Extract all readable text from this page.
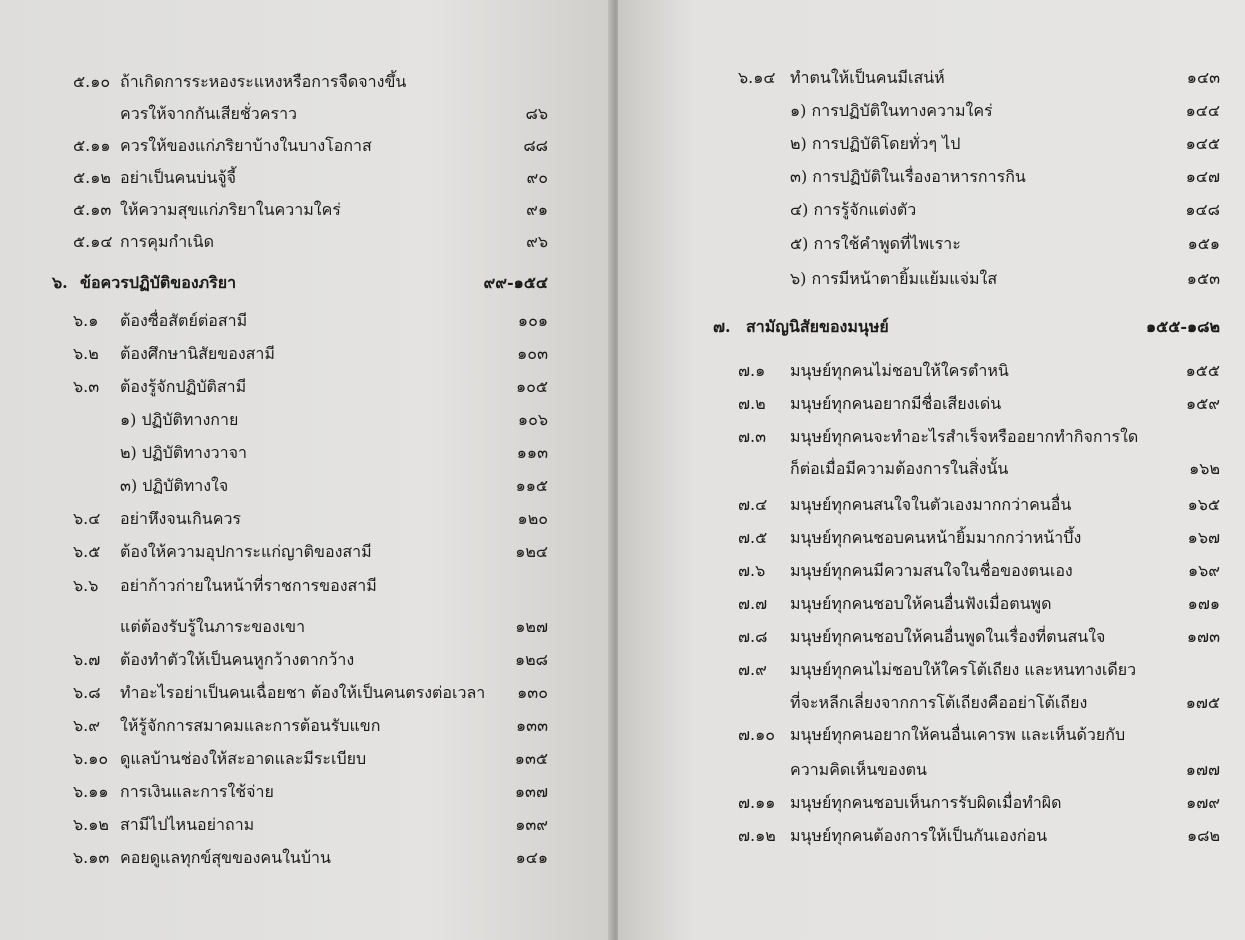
๕.๑๐ ถ้าเกิดการระหองระแหงหรือการจืดจางขึ้น
ควรให้จากกันเสียชั่วคราว	๘๖
๕.๑๑ ควรให้ของแก่ภริยาบ้างในบางโอกาส	๘๘
๕.๑๒ อย่าเป็นคนบ่นจู้จี้	๙๐
๕.๑๓ ให้ความสุขแก่ภริยาในความใคร่	๙๑
๕.๑๔ การคุมกำเนิด	๙๖
๖. ข้อควรปฏิบัติของภริยา	๙๙-๑๕๔
๖.๑ ต้องซื่อสัตย์ต่อสามี	๑๐๑
๖.๒ ต้องศึกษานิสัยของสามี	๑๐๓
๖.๓ ต้องรู้จักปฏิบัติสามี	๑๐๕
๑) ปฏิบัติทางกาย	๑๐๖
๒) ปฏิบัติทางวาจา	๑๑๓
๓) ปฏิบัติทางใจ	๑๑๕
๖.๔ อย่าหึงจนเกินควร	๑๒๐
๖.๕ ต้องให้ความอุปการะแก่ญาติของสามี	๑๒๔
๖.๖ อย่าก้าวก่ายในหน้าที่ราชการของสามี
แต่ต้องรับรู้ในภาระของเขา	๑๒๗
๖.๗ ต้องทำตัวให้เป็นคนหูกว้างตากว้าง	๑๒๘
๖.๘ ทำอะไรอย่าเป็นคนเฉื่อยชา ต้องให้เป็นคนตรงต่อเวลา ๑๓๐
๖.๙ ให้รู้จักการสมาคมและการต้อนรับแขก	๑๓๓
๖.๑๐ ดูแลบ้านช่องให้สะอาดและมีระเบียบ	๑๓๕
๖.๑๑ การเงินและการใช้จ่าย	๑๓๗
๖.๑๒ สามีไปไหนอย่าถาม	๑๓๙
๖.๑๓ คอยดูแลทุกข์สุขของคนในบ้าน	๑๔๑
๖.๑๔ ทำตนให้เป็นคนมีเสน่ห์	๑๔๓
๑) การปฏิบัติในทางความใคร่	๑๔๔
๒) การปฏิบัติโดยทั่วๆ ไป	๑๔๕
๓) การปฏิบัติในเรื่องอาหารการกิน	๑๔๗
๔) การรู้จักแต่งตัว	๑๔๘
๕) การใช้คำพูดที่ไพเราะ	๑๕๑
๖) การมีหน้าตายิ้มแย้มแจ่มใส	๑๕๓
๗. สามัญนิสัยของมนุษย์	๑๕๕-๑๘๒
๗.๑ มนุษย์ทุกคนไม่ชอบให้ใครตำหนิ	๑๕๕
๗.๒ มนุษย์ทุกคนอยากมีชื่อเสียงเด่น	๑๕๙
๗.๓ มนุษย์ทุกคนจะทำอะไรสำเร็จหรืออยากทำกิจการใด
ก็ต่อเมื่อมีความต้องการในสิ่งนั้น	๑๖๒
๗.๔ มนุษย์ทุกคนสนใจในตัวเองมากกว่าคนอื่น	๑๖๕
๗.๕ มนุษย์ทุกคนชอบคนหน้ายิ้มมากกว่าหน้าบึ้ง	๑๖๗
๗.๖ มนุษย์ทุกคนมีความสนใจในชื่อของตนเอง	๑๖๙
๗.๗ มนุษย์ทุกคนชอบให้คนอื่นฟังเมื่อตนพูด	๑๗๑
๗.๘ มนุษย์ทุกคนชอบให้คนอื่นพูดในเรื่องที่ตนสนใจ	๑๗๓
๗.๙ มนุษย์ทุกคนไม่ชอบให้ใครโต้เถียง และหนทางเดียว
ที่จะหลีกเลี่ยงจากการโต้เถียงคืออย่าโต้เถียง	๑๗๕
๗.๑๐ มนุษย์ทุกคนอยากให้คนอื่นเคารพ และเห็นด้วยกับ
ความคิดเห็นของตน	๑๗๗
๗.๑๑ มนุษย์ทุกคนชอบเห็นการรับผิดเมื่อทำผิด	๑๗๙
๗.๑๒ มนุษย์ทุกคนต้องการให้เป็นกันเองก่อน	๑๘๒
